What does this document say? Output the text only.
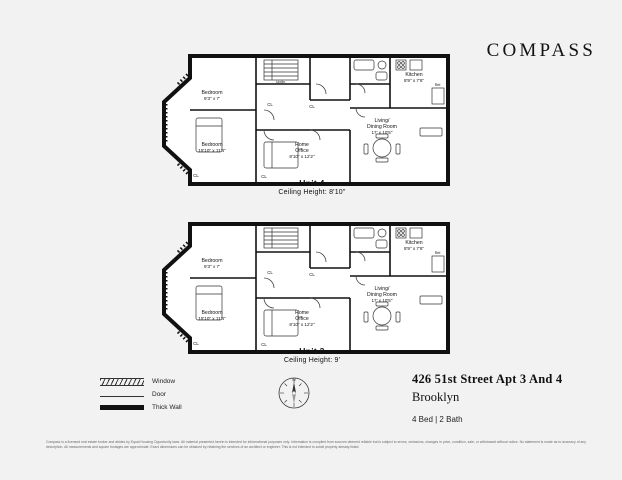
COMPASS
Bedroom
9'3" x 7'
Bedroom
15'10" x 11'4"
Home
Office
8'10" x 12'2"
Living/
Dining Room
17' x 10'5"
Kitchen
8'9" x 7'6"
Ref.
Up/dn.
CL	CL
CL
CL
Unit 4
Ceiling Height: 8'10"
Bedroom
9'3" x 7'
Bedroom
15'10" x 11'4"
Home
Office
8'10" x 12'2"
Living/
Dining Room
17' x 10'5"
Kitchen
8'9" x 7'6"
Ref.
CL	CL
CL
CL
Unit 3
Ceiling Height: 9'
Window
Door
Thick Wall
N	426 51st Street Apt 3 And 4
Brooklyn
4 Bed | 2 Bath
Compass is a licensed real estate broker and abides by Equal Housing Opportunity laws. All material presented herein is intended for informational purposes only. Information is compiled from sources deemed reliable but is subject to errors, omissions, changes in price, condition, sale, or withdrawal without notice. No statement is made as to accuracy of any description. All measurements and square footages are approximate. Exact dimensions can be obtained by retaining the services of an architect or engineer. This is not intended to solicit property already listed.
